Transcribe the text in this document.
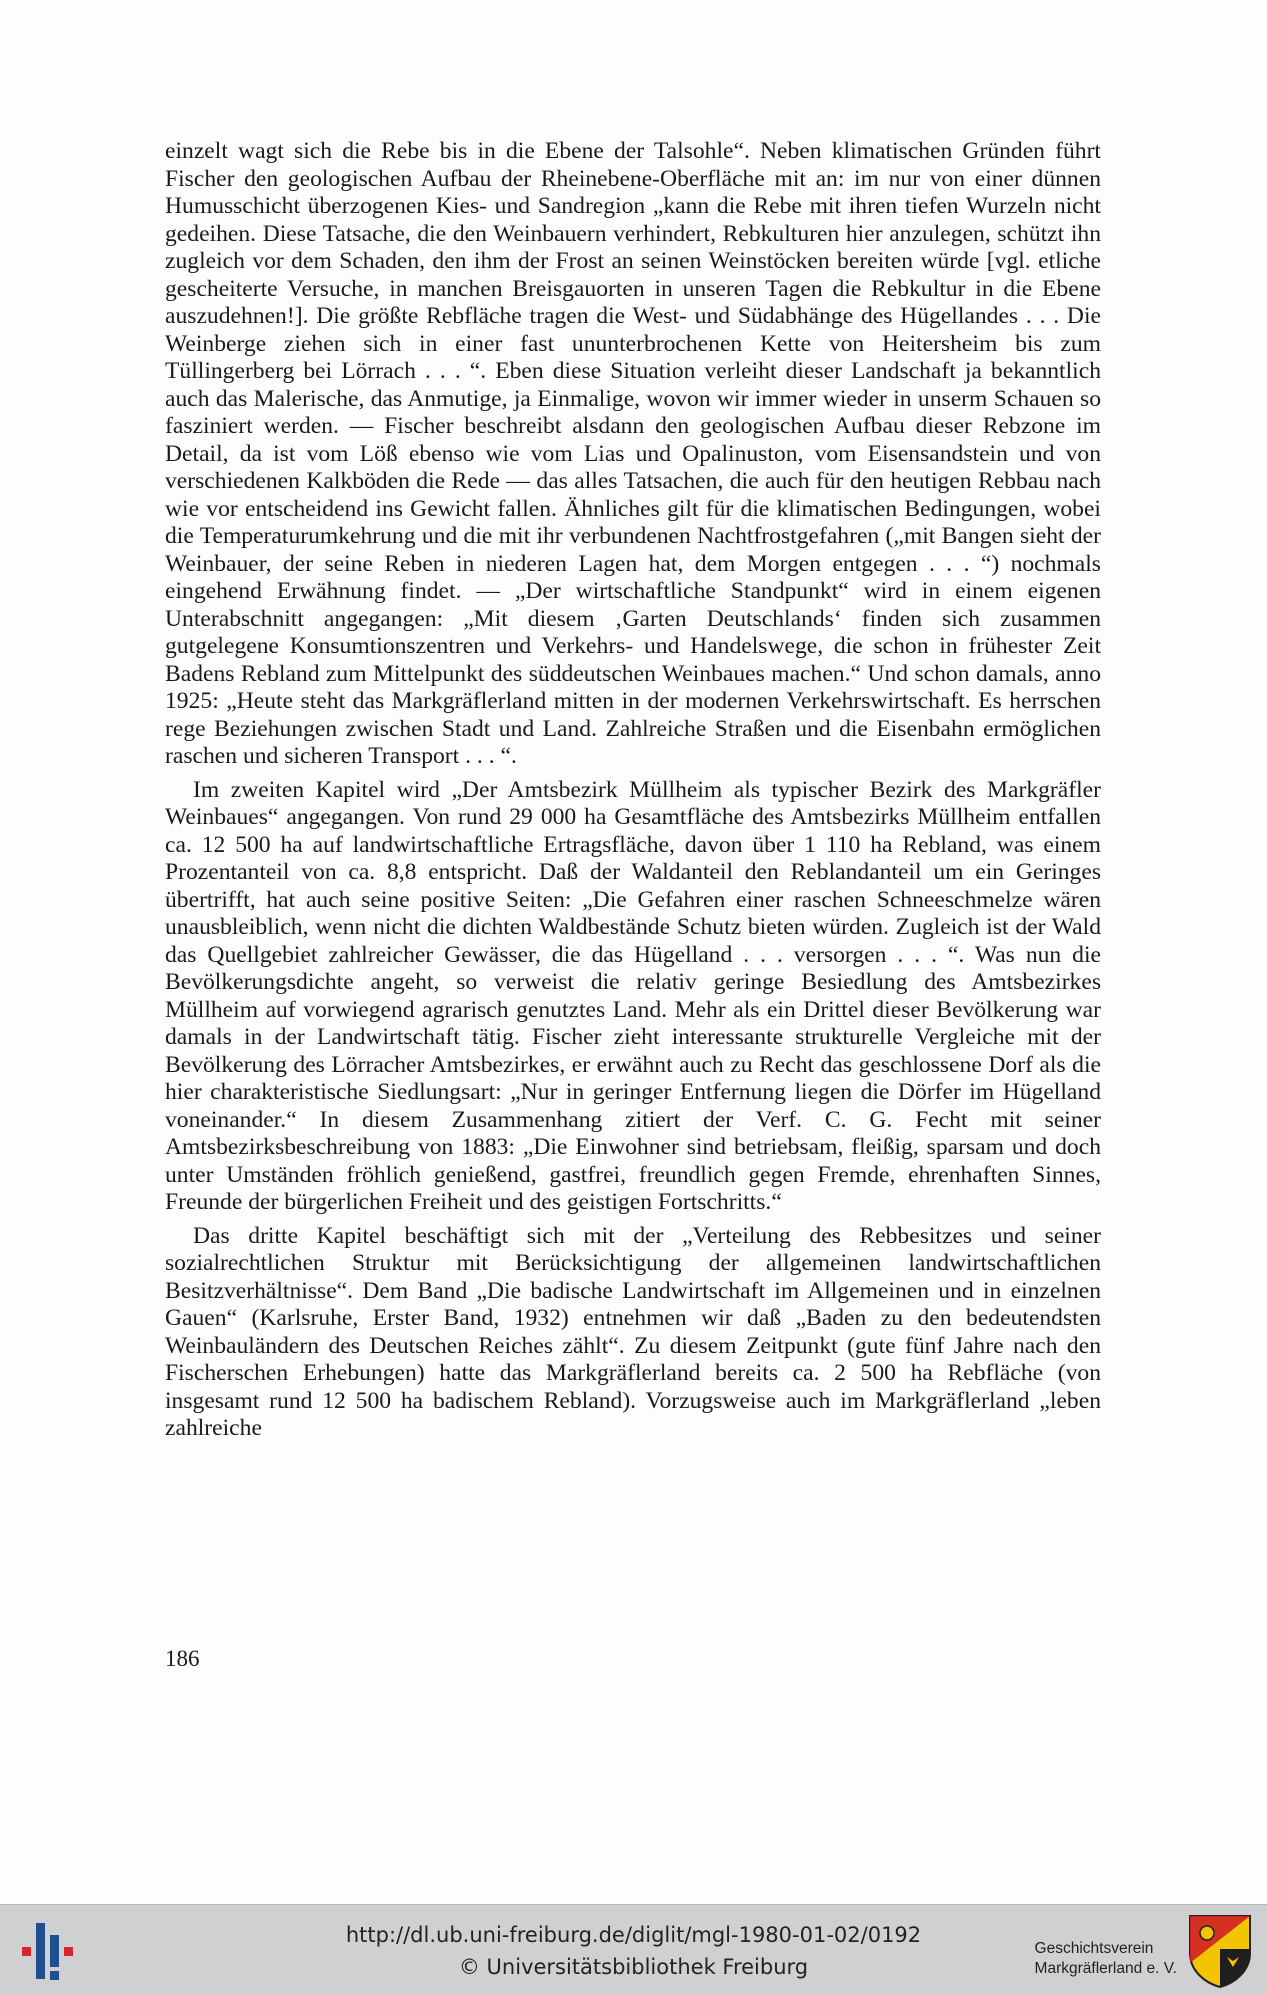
einzelt wagt sich die Rebe bis in die Ebene der Talsohle“. Neben klimatischen Gründen führt Fischer den geologischen Aufbau der Rheinebene-Oberfläche mit an: im nur von einer dünnen Humusschicht überzogenen Kies- und Sandregion „kann die Rebe mit ihren tiefen Wurzeln nicht gedeihen. Diese Tatsache, die den Weinbauern verhindert, Rebkulturen hier anzulegen, schützt ihn zugleich vor dem Schaden, den ihm der Frost an seinen Weinstöcken bereiten würde [vgl. etliche gescheiterte Versuche, in manchen Breisgauorten in unseren Tagen die Rebkultur in die Ebene auszudehnen!]. Die größte Rebfläche tragen die West- und Südabhänge des Hügellandes . . . Die Weinberge ziehen sich in einer fast ununterbrochenen Kette von Heitersheim bis zum Tüllingerberg bei Lörrach . . . “. Eben diese Situation verleiht dieser Landschaft ja bekanntlich auch das Malerische, das Anmutige, ja Einmalige, wovon wir immer wieder in unserm Schauen so fasziniert werden. — Fischer beschreibt alsdann den geologischen Aufbau dieser Rebzone im Detail, da ist vom Löß ebenso wie vom Lias und Opalinuston, vom Eisensandstein und von verschiedenen Kalkböden die Rede — das alles Tatsachen, die auch für den heutigen Rebbau nach wie vor entscheidend ins Gewicht fallen. Ähnliches gilt für die klimatischen Bedingungen, wobei die Temperaturumkehrung und die mit ihr verbundenen Nachtfrostgefahren („mit Bangen sieht der Weinbauer, der seine Reben in niederen Lagen hat, dem Morgen entgegen . . . “) nochmals eingehend Erwähnung findet. — „Der wirtschaftliche Standpunkt“ wird in einem eigenen Unterabschnitt angegangen: „Mit diesem ‚Garten Deutschlands‘ finden sich zusammen gutgelegene Konsumtionszentren und Verkehrs- und Handelswege, die schon in frühester Zeit Badens Rebland zum Mittelpunkt des süddeutschen Weinbaues machen.“ Und schon damals, anno 1925: „Heute steht das Markgräflerland mitten in der modernen Verkehrswirtschaft. Es herrschen rege Beziehungen zwischen Stadt und Land. Zahlreiche Straßen und die Eisenbahn ermöglichen raschen und sicheren Transport . . . “.

Im zweiten Kapitel wird „Der Amtsbezirk Müllheim als typischer Bezirk des Markgräfler Weinbaues“ angegangen. Von rund 29 000 ha Gesamtfläche des Amtsbezirks Müllheim entfallen ca. 12 500 ha auf landwirtschaftliche Ertragsfläche, davon über 1 110 ha Rebland, was einem Prozentanteil von ca. 8,8 entspricht. Daß der Waldanteil den Reblandanteil um ein Geringes übertrifft, hat auch seine positive Seiten: „Die Gefahren einer raschen Schneeschmelze wären unausbleiblich, wenn nicht die dichten Waldbestände Schutz bieten würden. Zugleich ist der Wald das Quellgebiet zahlreicher Gewässer, die das Hügelland . . . versorgen . . . “. Was nun die Bevölkerungsdichte angeht, so verweist die relativ geringe Besiedlung des Amtsbezirkes Müllheim auf vorwiegend agrarisch genutztes Land. Mehr als ein Drittel dieser Bevölkerung war damals in der Landwirtschaft tätig. Fischer zieht interessante strukturelle Vergleiche mit der Bevölkerung des Lörracher Amtsbezirkes, er erwähnt auch zu Recht das geschlossene Dorf als die hier charakteristische Siedlungsart: „Nur in geringer Entfernung liegen die Dörfer im Hügelland voneinander.“ In diesem Zusammenhang zitiert der Verf. C. G. Fecht mit seiner Amtsbezirksbeschreibung von 1883: „Die Einwohner sind betriebsam, fleißig, sparsam und doch unter Umständen fröhlich genießend, gastfrei, freundlich gegen Fremde, ehrenhaften Sinnes, Freunde der bürgerlichen Freiheit und des geistigen Fortschritts.“

Das dritte Kapitel beschäftigt sich mit der „Verteilung des Rebbesitzes und seiner sozialrechtlichen Struktur mit Berücksichtigung der allgemeinen landwirtschaftlichen Besitzverhältnisse“. Dem Band „Die badische Landwirtschaft im Allgemeinen und in einzelnen Gauen“ (Karlsruhe, Erster Band, 1932) entnehmen wir daß „Baden zu den bedeutendsten Weinbauländern des Deutschen Reiches zählt“. Zu diesem Zeitpunkt (gute fünf Jahre nach den Fischerschen Erhebungen) hatte das Markgräflerland bereits ca. 2 500 ha Rebfläche (von insgesamt rund 12 500 ha badischem Rebland). Vorzugsweise auch im Markgräflerland „leben zahlreiche

186
http://dl.ub.uni-freiburg.de/diglit/mgl-1980-01-02/0192
© Universitätsbibliothek Freiburg
Geschichtsverein
Markgräflerland e. V.
